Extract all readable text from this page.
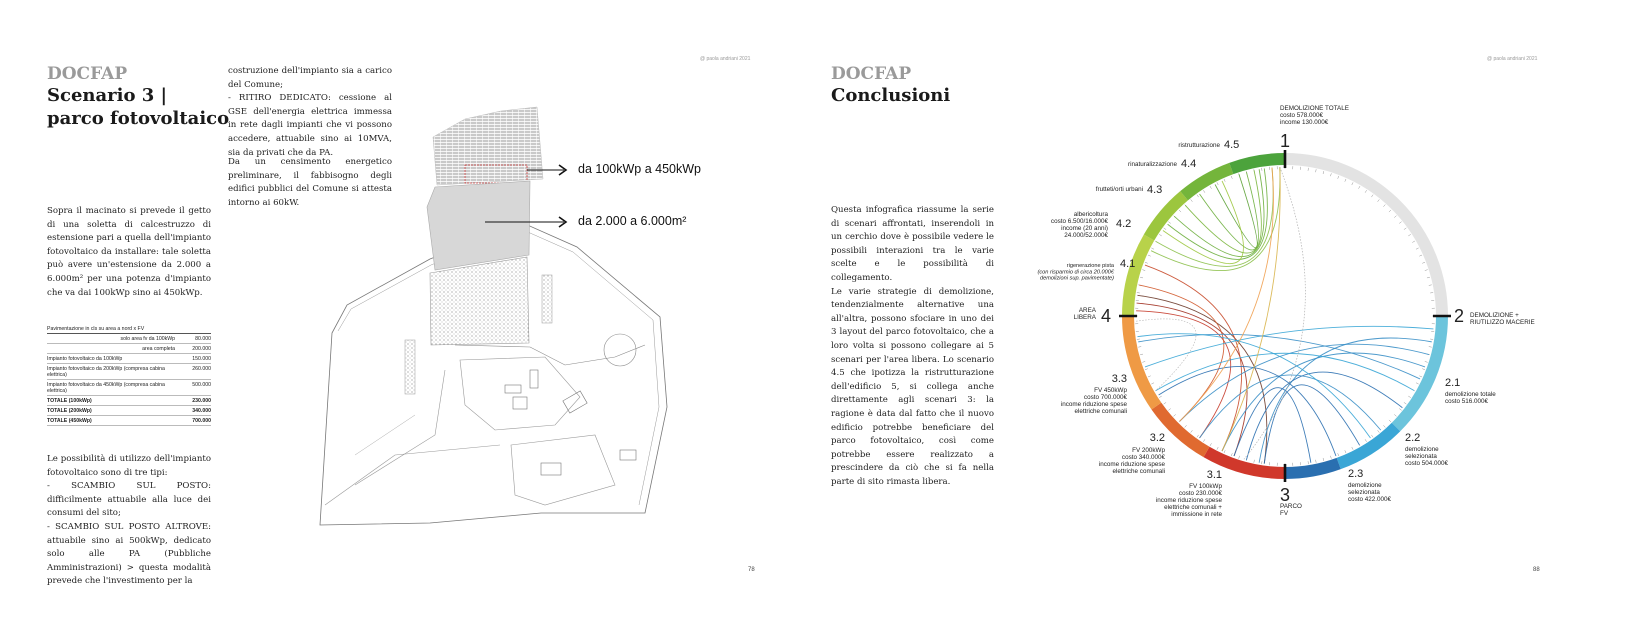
DOCFAP
Scenario 3 |
parco fotovoltaico
@ paola andriani 2021
Sopra il macinato si prevede il getto di una soletta di calcestruzzo di estensione pari a quella dell'impianto fotovoltaico da installare: tale soletta può avere un'estensione da 2.000 a 6.000m² per una potenza d'impianto che va dai 100kWp sino ai 450kWp.
Pavimentazione in cls su area a nord x FV
solo area fv da 100kWp	80.000
area completa	200.000
Impianto fotovoltaico da 100kWp	150.000
Impianto fotovoltaico da 200kWp (compresa cabina elettrica)	260.000
Impianto fotovoltaico da 450kWp (compresa cabina elettrica)	500.000
TOTALE (100kWp)	230.000
TOTALE (200kWp)	340.000
TOTALE (450kWp)	700.000
Le possibilità di utilizzo dell'impianto fotovoltaico sono di tre tipi:
- SCAMBIO SUL POSTO: difficilmente attuabile alla luce dei consumi del sito;
- SCAMBIO SUL POSTO ALTROVE: attuabile sino ai 500kWp, dedicato solo alle PA (Pubbliche Amministrazioni) > questa modalità prevede che l'investimento per la
costruzione dell'impianto sia a carico del Comune;
- RITIRO DEDICATO: cessione al GSE dell'energia elettrica immessa in rete dagli impianti che vi possono accedere, attuabile sino ai 10MVA, sia da privati che da PA.
Da un censimento energetico preliminare, il fabbisogno degli edifici pubblici del Comune si attesta intorno ai 60kW.
da 100kWp a 450kWp
da 2.000 a 6.000m²
78
DOCFAP
Conclusioni
@ paola andriani 2021
Questa infografica riassume la serie di scenari affrontati, inserendoli in un cerchio dove è possibile vedere le possibili interazioni tra le varie scelte e le possibilità di collegamento.
Le varie strategie di demolizione, tendenzialmente alternative una all'altra, possono sfociare in uno dei 3 layout del parco fotovoltaico, che a loro volta si possono collegare ai 5 scenari per l'area libera. Lo scenario 4.5 che ipotizza la ristrutturazione dell'edificio 5, si collega anche direttamente agli scenari 3: la ragione è data dal fatto che il nuovo edificio potrebbe beneficiare del parco fotovoltaico, così come potrebbe essere realizzato a prescindere da ciò che si fa nella parte di sito rimasta libera.
88
1
DEMOLIZIONE TOTALE
costo 578.000€
income 130.000€
2 DEMOLIZIONE +
RIUTILIZZO MACERIE
3
PARCO
FV
4
AREA
LIBERA
2.1
demolizione totale
costo 516.000€
2.2
demolizione
selezionata
costo 504.000€
2.3
demolizione
selezionata
costo 422.000€
3.1
FV 100kWp
costo 230.000€
income riduzione spese
elettriche comunali +
immissione in rete
3.2
FV 200kWp
costo 340.000€
income riduzione spese
elettriche comunali
3.3
FV 450kWp
costo 700.000€
income riduzione spese
elettriche comunali
4.1
rigenerazione pista
(con risparmio di circa 20.000€
demolizioni sup. pavimentate)
4.2
albericoltura
costo 6.500/16.000€
income (20 anni)
24.000/52.000€
4.3
frutteti/orti urbani
4.4
rinaturalizzazione
4.5
ristrutturazione
